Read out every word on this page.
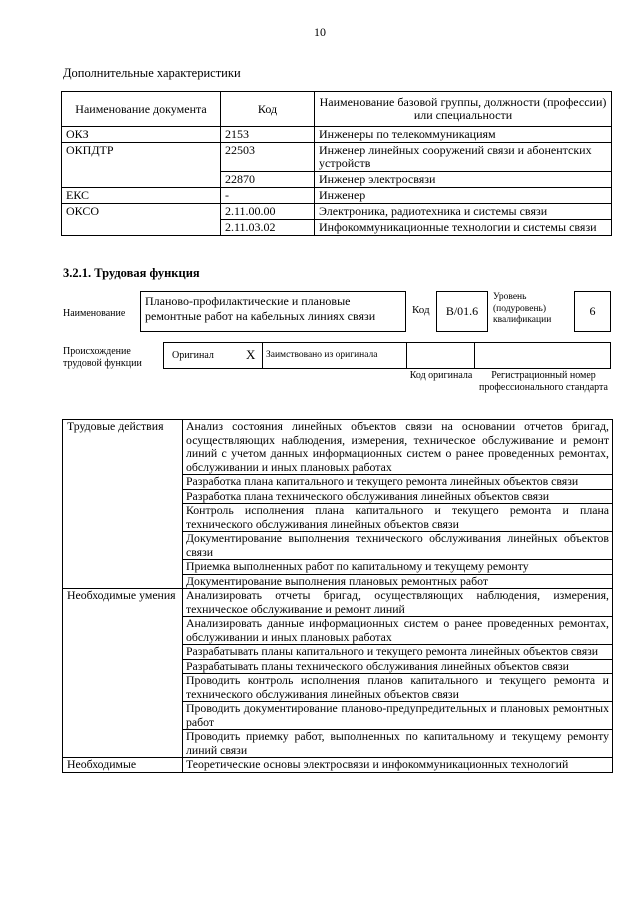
10
Дополнительные характеристики
Наименование документа	Код	Наименование базовой группы, должности (профессии) или специальности
ОКЗ	2153	Инженеры по телекоммуникациям
ОКПДТР	22503	Инженер линейных сооружений связи и абонентских устройств
	22870	Инженер электросвязи
ЕКС	-	Инженер
ОКСО	2.11.00.00	Электроника, радиотехника и системы связи
	2.11.03.02	Инфокоммуникационные технологии и системы связи
3.2.1. Трудовая функция
Наименование
Планово-профилактические и плановые ремонтные работ на кабельных линиях связи	Код	В/01.6
Уровень (подуровень) квалификации
6
Происхождение трудовой функции
Оригинал Х Заимствовано из оригинала
Код оригинала	Регистрационный номер профессионального стандарта
Трудовые действия	Анализ состояния линейных объектов связи на основании отчетов бригад, осуществляющих наблюдения, измерения, техническое обслуживание и ремонт линий с учетом данных информационных систем о ранее проведенных ремонтах, обслуживании и иных плановых работах
	Разработка плана капитального и текущего ремонта линейных объектов связи
	Разработка плана технического обслуживания линейных объектов связи
	Контроль исполнения плана капитального и текущего ремонта и плана технического обслуживания линейных объектов связи
	Документирование выполнения технического обслуживания линейных объектов связи
	Приемка выполненных работ по капитальному и текущему ремонту
	Документирование выполнения плановых ремонтных работ
Необходимые умения	Анализировать отчеты бригад, осуществляющих наблюдения, измерения, техническое обслуживание и ремонт линий
	Анализировать данные информационных систем о ранее проведенных ремонтах, обслуживании и иных плановых работах
	Разрабатывать планы капитального и текущего ремонта линейных объектов связи
	Разрабатывать планы технического обслуживания линейных объектов связи
	Проводить контроль исполнения планов капитального и текущего ремонта и технического обслуживания линейных объектов связи
	Проводить документирование планово-предупредительных и плановых ремонтных работ
	Проводить приемку работ, выполненных по капитальному и текущему ремонту линий связи
Необходимые	Теоретические основы электросвязи и инфокоммуникационных технологий
